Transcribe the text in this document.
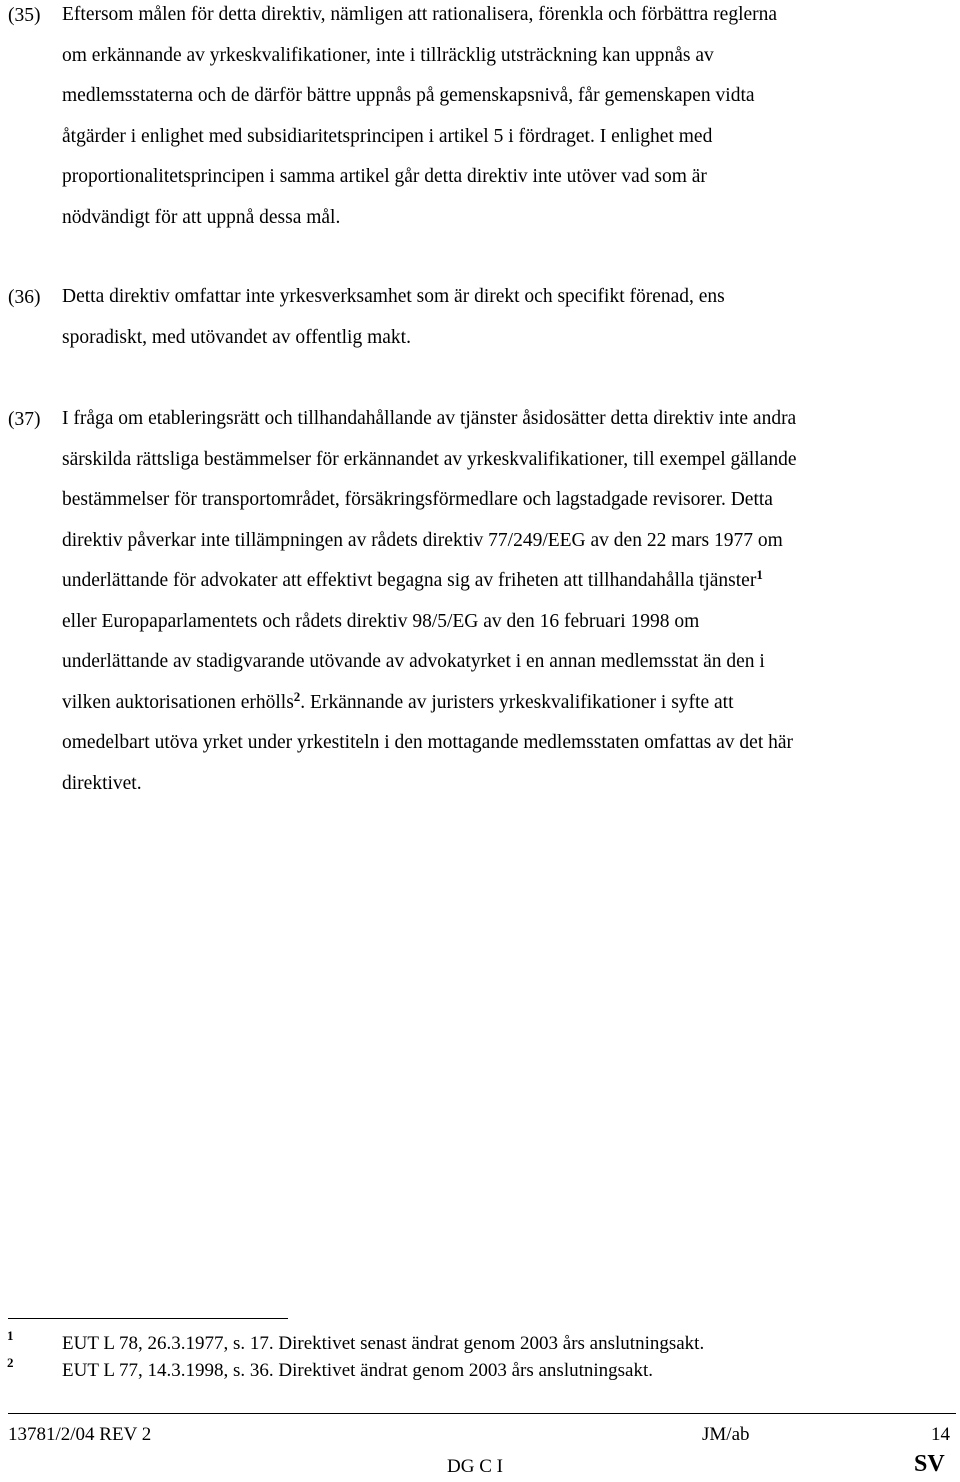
(35) Eftersom målen för detta direktiv, nämligen att rationalisera, förenkla och förbättra reglerna
om erkännande av yrkeskvalifikationer, inte i tillräcklig utsträckning kan uppnås av
medlemsstaterna och de därför bättre uppnås på gemenskapsnivå, får gemenskapen vidta
åtgärder i enlighet med subsidiaritetsprincipen i artikel 5 i fördraget. I enlighet med
proportionalitetsprincipen i samma artikel går detta direktiv inte utöver vad som är
nödvändigt för att uppnå dessa mål.
(36) Detta direktiv omfattar inte yrkesverksamhet som är direkt och specifikt förenad, ens
sporadiskt, med utövandet av offentlig makt.
(37) I fråga om etableringsrätt och tillhandahållande av tjänster åsidosätter detta direktiv inte andra
särskilda rättsliga bestämmelser för erkännandet av yrkeskvalifikationer, till exempel gällande
bestämmelser för transportområdet, försäkringsförmedlare och lagstadgade revisorer. Detta
direktiv påverkar inte tillämpningen av rådets direktiv 77/249/EEG av den 22 mars 1977 om
underlättande för advokater att effektivt begagna sig av friheten att tillhandahålla tjänster$^1$
eller Europaparlamentets och rådets direktiv 98/5/EG av den 16 februari 1998 om
underlättande av stadigvarande utövande av advokatyrket i en annan medlemsstat än den i
vilken auktorisationen erhölls$^2$. Erkännande av juristers yrkeskvalifikationer i syfte att
omedelbart utöva yrket under yrkestiteln i den mottagande medlemsstaten omfattas av det här
direktivet.
1	EUT L 78, 26.3.1977, s. 17. Direktivet senast ändrat genom 2003 års anslutningsakt.
2	EUT L 77, 14.3.1998, s. 36. Direktivet ändrat genom 2003 års anslutningsakt.
13781/2/04 REV 2	JM/ab	14
DG C I	SV
